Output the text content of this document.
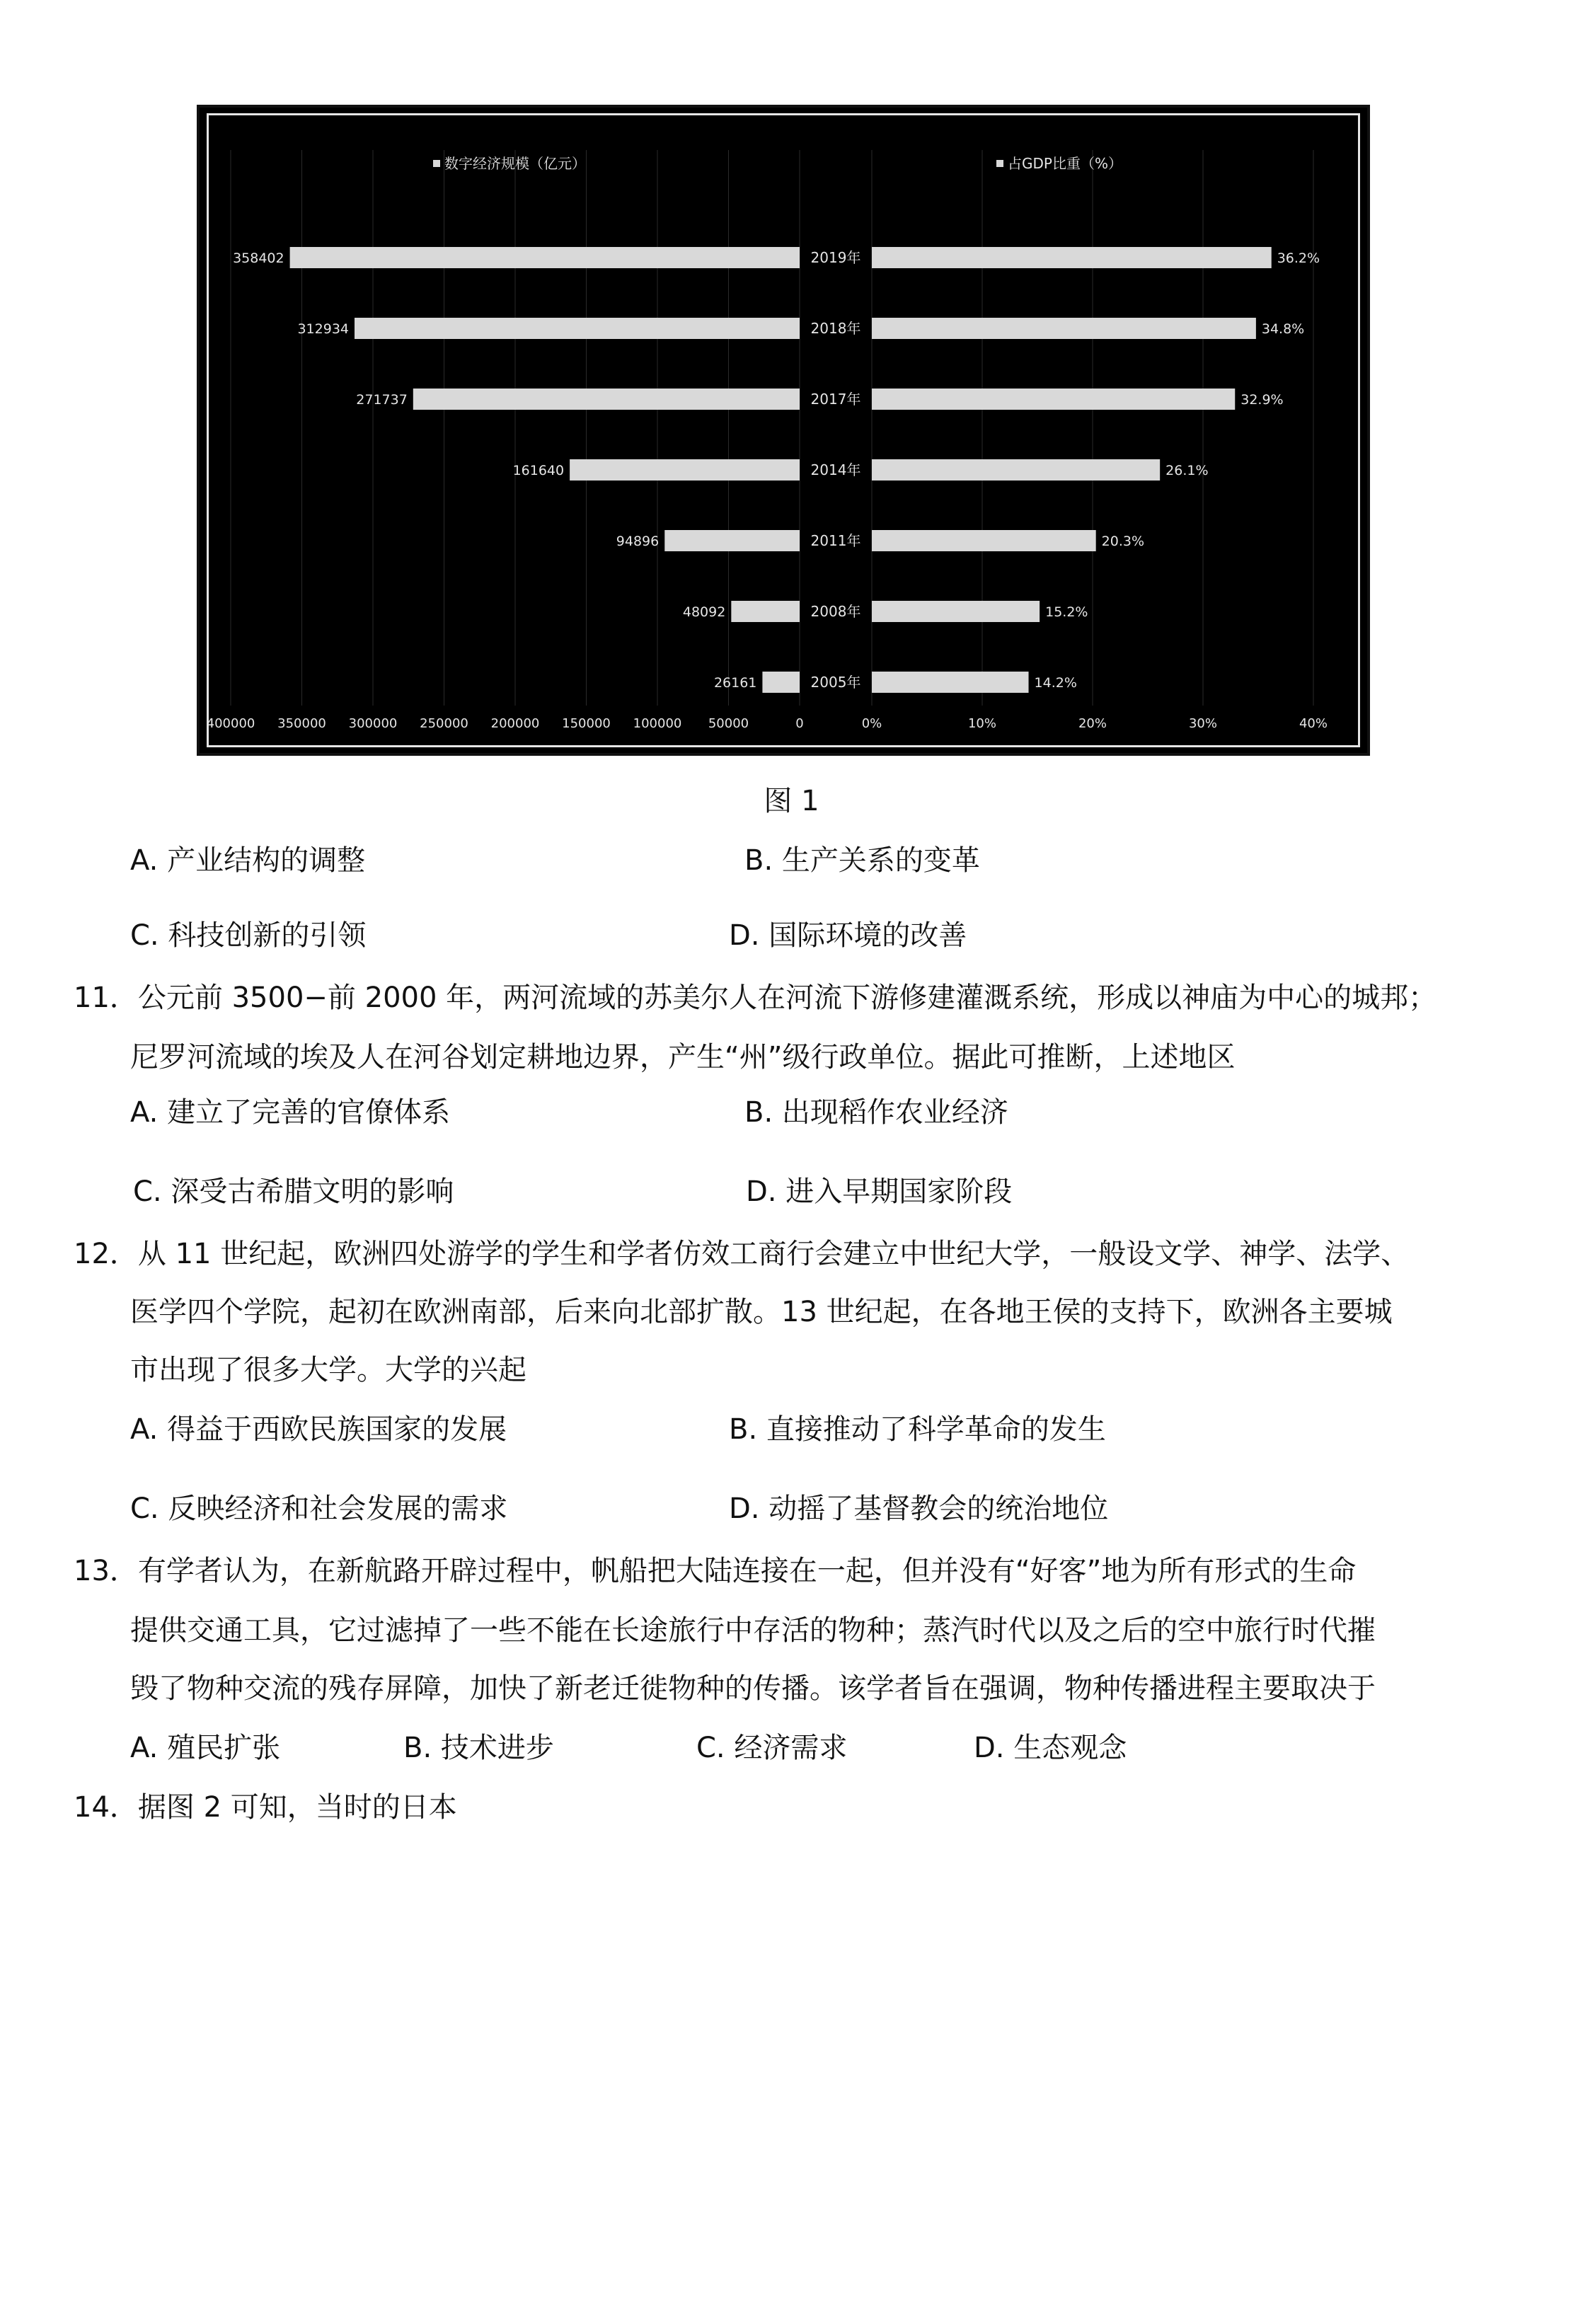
数字经济规模（亿元）	占GDP比重（%）
358402	36.2%
2019年
312934	34.8%
2018年
271737	32.9%
2017年
161640	26.1%
2014年
94896	20.3%
2011年
48092	15.2%
2008年
26161	14.2%
2005年
400000 350000 300000 250000 200000 150000 100000 50000	0	0%	10%	20%	30%	40%
图 1
A. 产业结构的调整	B. 生产关系的变革
C. 科技创新的引领	D. 国际环境的改善
11．公元前 3500−前 2000 年，两河流域的苏美尔人在河流下游修建灌溉系统，形成以神庙为中心的城邦；
尼罗河流域的埃及人在河谷划定耕地边界，产生“州”级行政单位。据此可推断，上述地区
A. 建立了完善的官僚体系	B. 出现稻作农业经济
C. 深受古希腊文明的影响	D. 进入早期国家阶段
12．从 11 世纪起，欧洲四处游学的学生和学者仿效工商行会建立中世纪大学，一般设文学、神学、法学、
医学四个学院，起初在欧洲南部，后来向北部扩散。13 世纪起，在各地王侯的支持下，欧洲各主要城
市出现了很多大学。大学的兴起
A. 得益于西欧民族国家的发展	B. 直接推动了科学革命的发生
C. 反映经济和社会发展的需求	D. 动摇了基督教会的统治地位
13．有学者认为，在新航路开辟过程中，帆船把大陆连接在一起，但并没有“好客”地为所有形式的生命
提供交通工具，它过滤掉了一些不能在长途旅行中存活的物种；蒸汽时代以及之后的空中旅行时代摧
毁了物种交流的残存屏障，加快了新老迁徙物种的传播。该学者旨在强调，物种传播进程主要取决于
A. 殖民扩张	B. 技术进步	C. 经济需求	D. 生态观念
14．据图 2 可知，当时的日本
